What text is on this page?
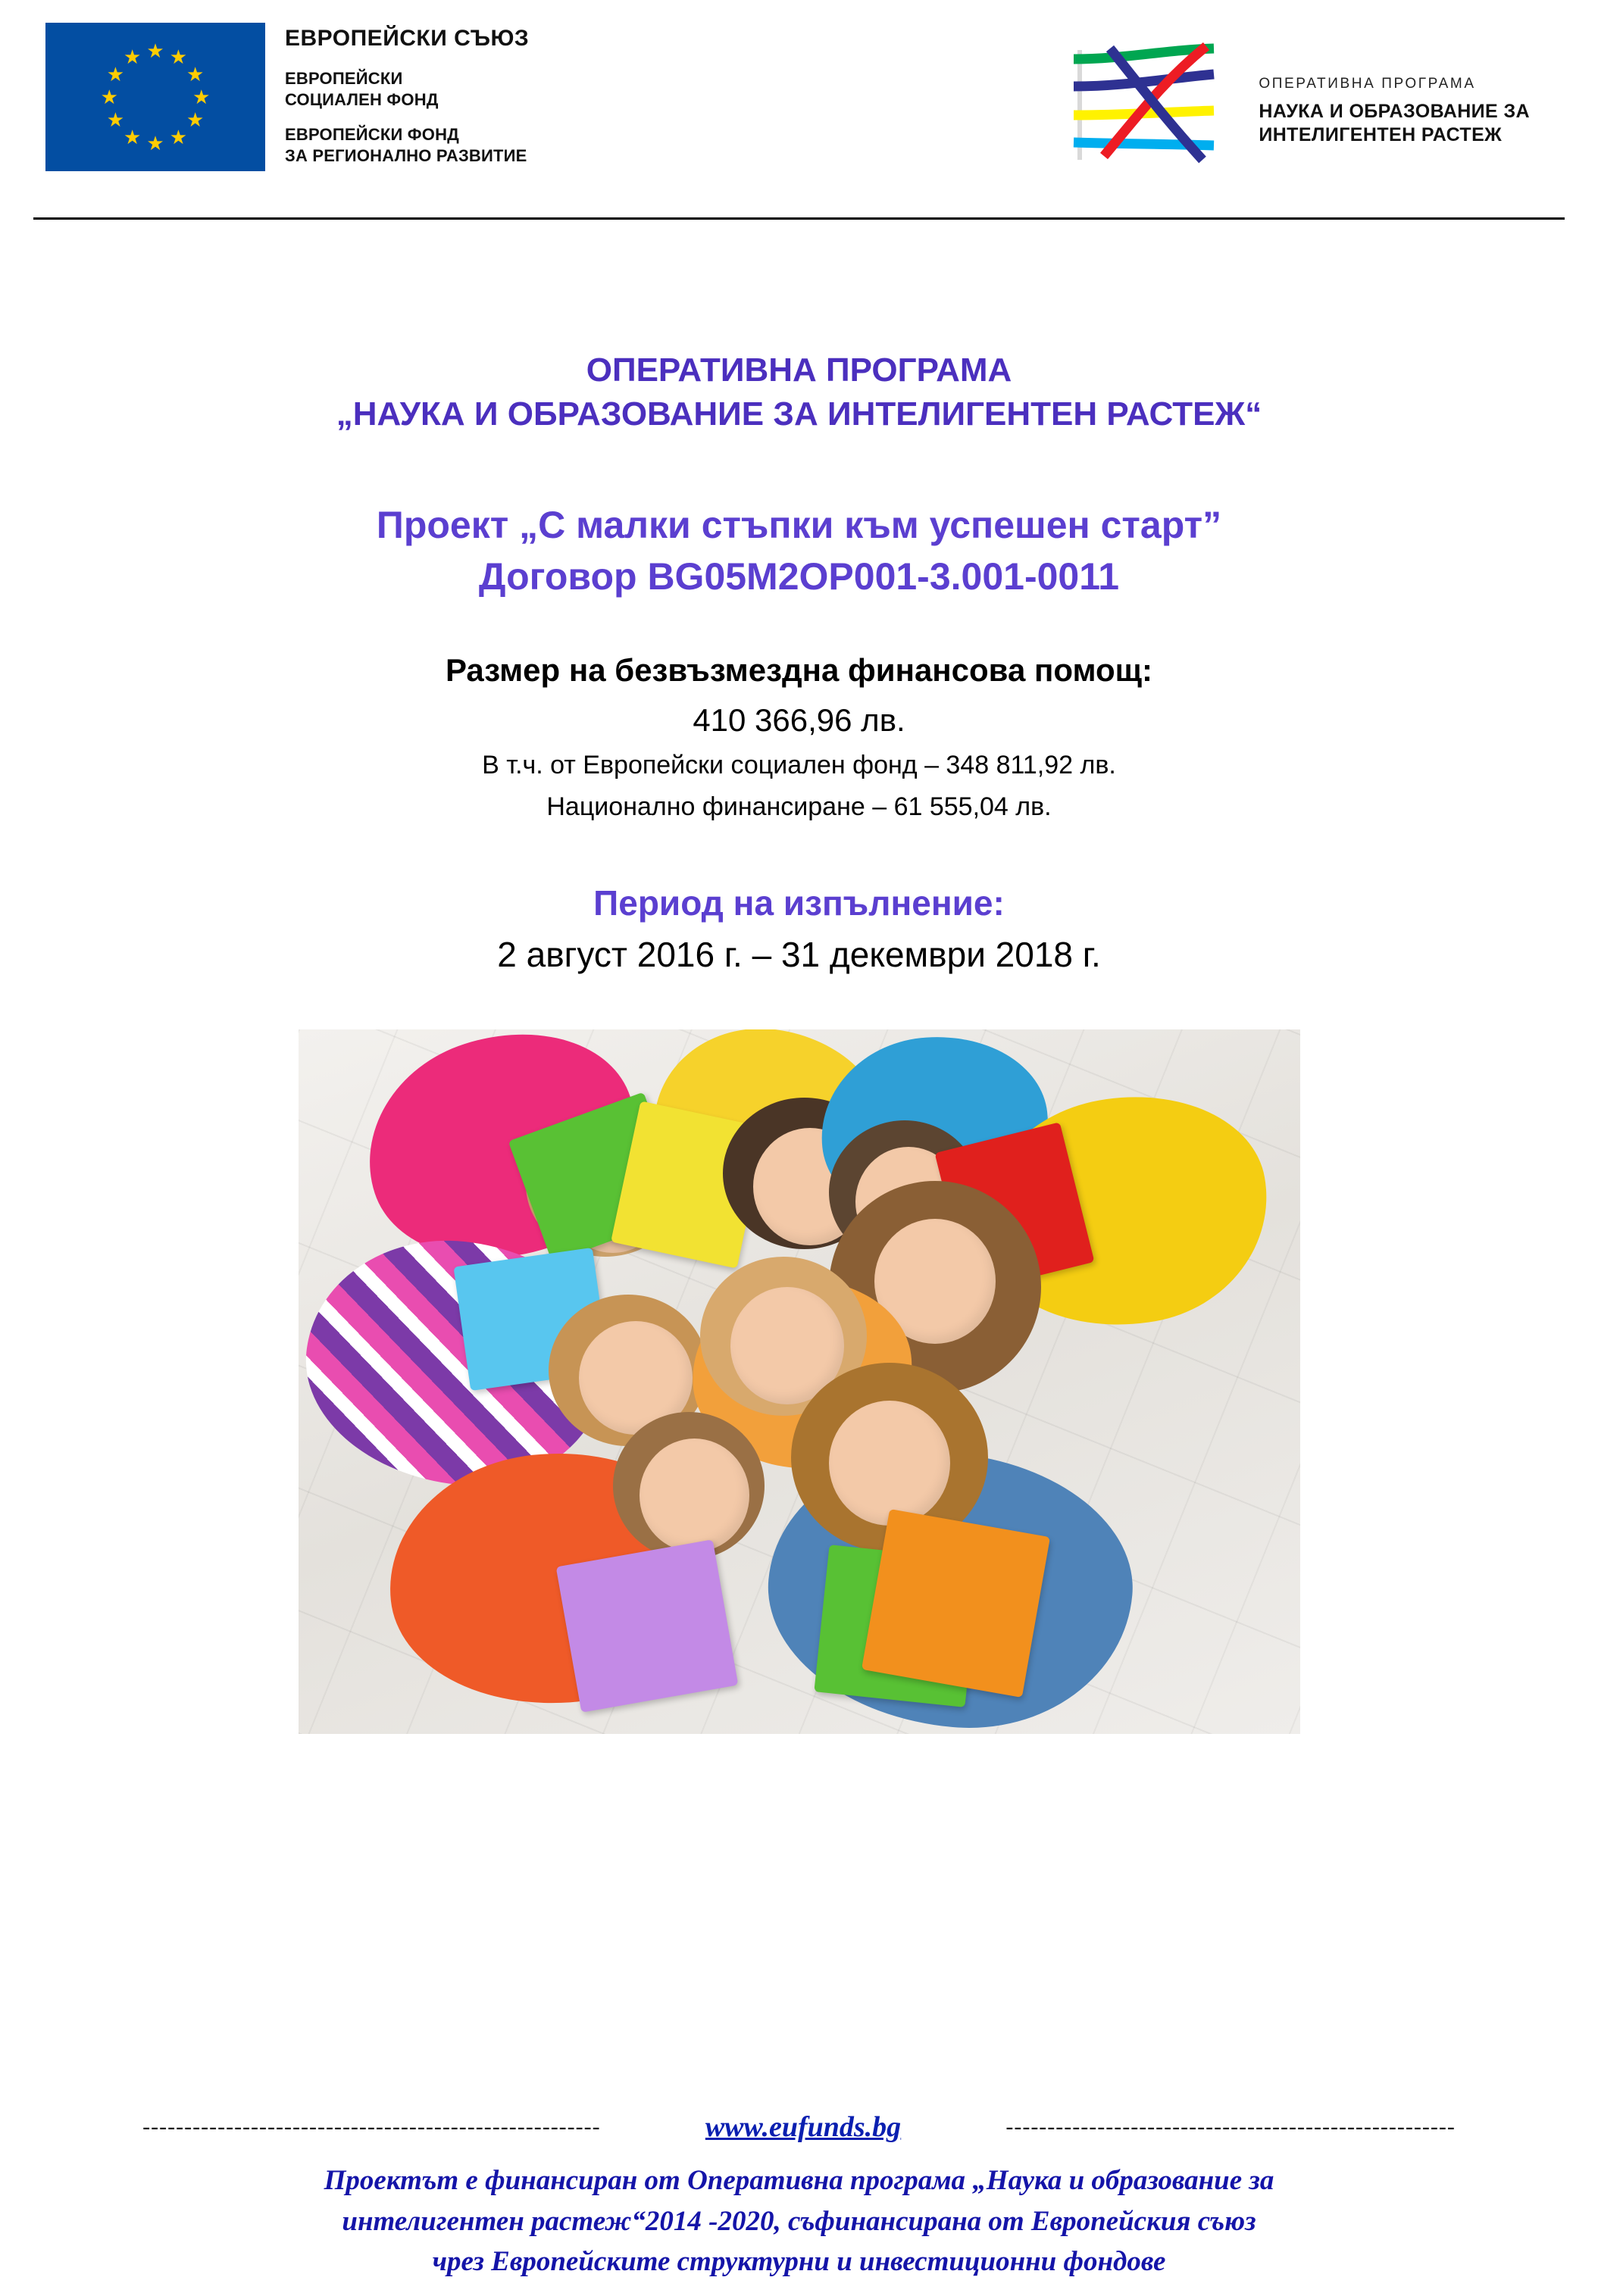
★ ★
★
★
★
★
★
★
★
★
★
★
ЕВРОПЕЙСКИ СЪЮЗ
ЕВРОПЕЙСКИ
СОЦИАЛЕН ФОНД
ЕВРОПЕЙСКИ ФОНД
ЗА РЕГИОНАЛНО РАЗВИТИЕ
ОПЕРАТИВНА ПРОГРАМА
НАУКА И ОБРАЗОВАНИЕ ЗА
ИНТЕЛИГЕНТЕН РАСТЕЖ
ОПЕРАТИВНА ПРОГРАМА
„НАУКА И ОБРАЗОВАНИЕ ЗА ИНТЕЛИГЕНТЕН РАСТЕЖ“
Проект „С малки стъпки към успешен старт”
Договор BG05M2OP001-3.001-0011
Размер на безвъзмездна финансова помощ:
410 366,96 лв.
В т.ч. от Европейски социален фонд – 348 811,92 лв.
Национално финансиране – 61 555,04 лв.
Период на изпълнение:
2 август 2016 г. – 31 декември 2018 г.
-------------------------------------------------------	www.eufunds.bg	------------------------------------------------------
Проектът е финансиран от Оперативна програма „Наука и образование за
интелигентен растеж“2014 -2020, съфинансирана от Европейския съюз
чрез Европейските структурни и инвестиционни фондове
